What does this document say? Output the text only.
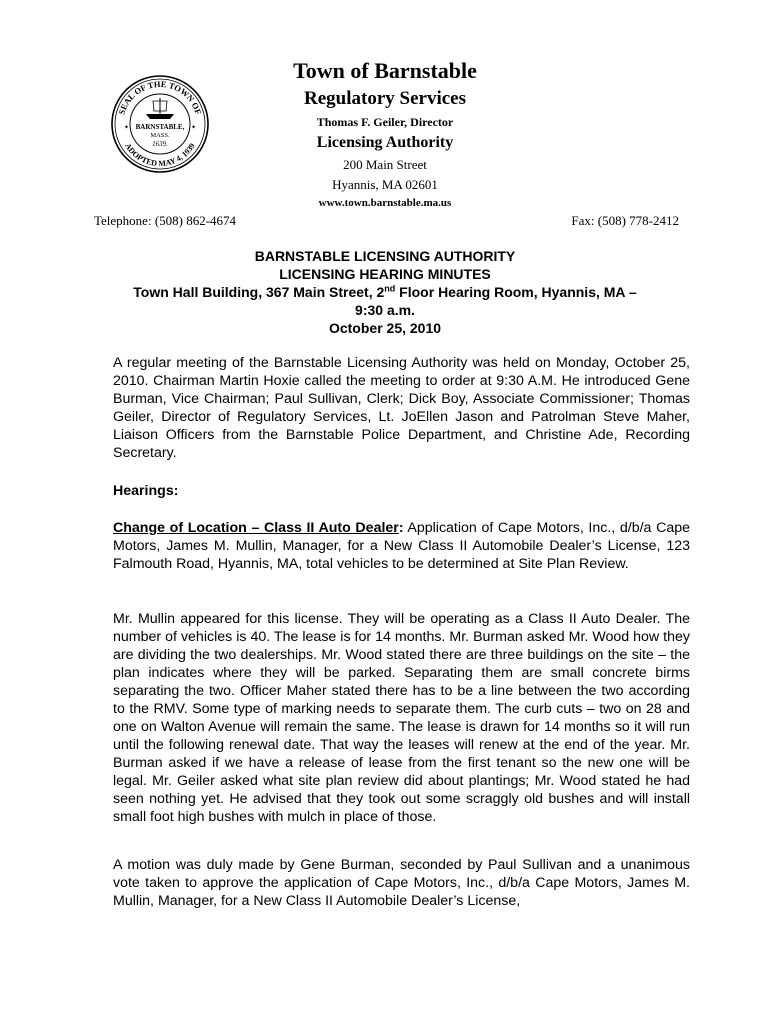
SEAL OF THE TOWN OF
ADOPTED MAY 4, 1939
BARNSTABLE,
MASS.
1639.
✦	✦
Town of Barnstable
Regulatory Services
Thomas F. Geiler, Director
Licensing Authority
200 Main Street
Hyannis, MA 02601
www.town.barnstable.ma.us
Telephone: (508) 862-4674	Fax: (508) 778-2412
BARNSTABLE LICENSING AUTHORITY
LICENSING HEARING MINUTES
Town Hall Building, 367 Main Street, 2nd Floor Hearing Room, Hyannis, MA –
9:30 a.m.
October 25, 2010

A regular meeting of the Barnstable Licensing Authority was held on Monday, October 25, 2010. Chairman Martin Hoxie called the meeting to order at 9:30 A.M. He introduced Gene Burman, Vice Chairman; Paul Sullivan, Clerk; Dick Boy, Associate Commissioner; Thomas Geiler, Director of Regulatory Services, Lt. JoEllen Jason and Patrolman Steve Maher, Liaison Officers from the Barnstable Police Department, and Christine Ade, Recording Secretary.

Hearings:

Change of Location – Class II Auto Dealer: Application of Cape Motors, Inc., d/b/a Cape Motors, James M. Mullin, Manager, for a New Class II Automobile Dealer’s License, 123 Falmouth Road, Hyannis, MA, total vehicles to be determined at Site Plan Review.

Mr. Mullin appeared for this license. They will be operating as a Class II Auto Dealer. The number of vehicles is 40. The lease is for 14 months. Mr. Burman asked Mr. Wood how they are dividing the two dealerships. Mr. Wood stated there are three buildings on the site – the plan indicates where they will be parked. Separating them are small concrete birms separating the two. Officer Maher stated there has to be a line between the two according to the RMV. Some type of marking needs to separate them. The curb cuts – two on 28 and one on Walton Avenue will remain the same. The lease is drawn for 14 months so it will run until the following renewal date. That way the leases will renew at the end of the year. Mr. Burman asked if we have a release of lease from the first tenant so the new one will be legal. Mr. Geiler asked what site plan review did about plantings; Mr. Wood stated he had seen nothing yet. He advised that they took out some scraggly old bushes and will install small foot high bushes with mulch in place of those.

A motion was duly made by Gene Burman, seconded by Paul Sullivan and a unanimous vote taken to approve the application of Cape Motors, Inc., d/b/a Cape Motors, James M. Mullin, Manager, for a New Class II Automobile Dealer’s License,
